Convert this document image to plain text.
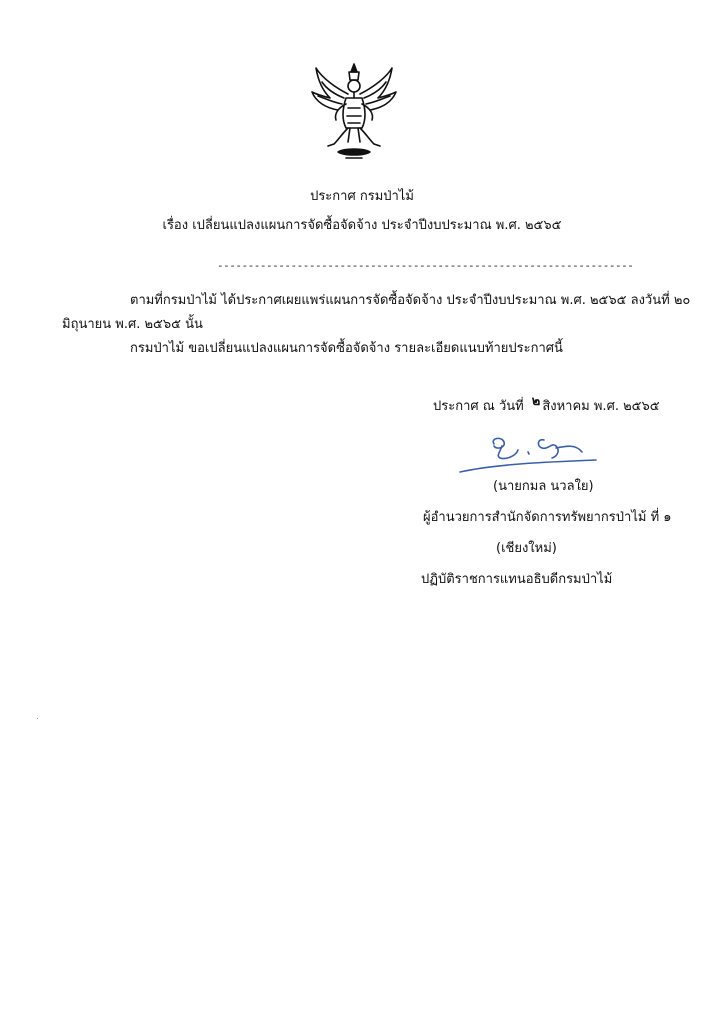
ประกาศ กรมป่าไม้
เรื่อง เปลี่ยนแปลงแผนการจัดซื้อจัดจ้าง ประจำปีงบประมาณ พ.ศ. ๒๕๖๕
--------------------------------------------------------------------
ตามที่กรมป่าไม้ ได้ประกาศเผยแพร่แผนการจัดซื้อจัดจ้าง ประจำปีงบประมาณ พ.ศ. ๒๕๖๕ ลงวันที่ ๒๐
มิถุนายน พ.ศ. ๒๕๖๕ นั้น
กรมป่าไม้ ขอเปลี่ยนแปลงแผนการจัดซื้อจัดจ้าง รายละเอียดแนบท้ายประกาศนี้
ประกาศ ณ วันที่ ๒ สิงหาคม พ.ศ. ๒๕๖๕
(นายกมล นวลใย)
ผู้อำนวยการสำนักจัดการทรัพยากรป่าไม้ ที่ ๑
(เชียงใหม่)
ปฏิบัติราชการแทนอธิบดีกรมป่าไม้
